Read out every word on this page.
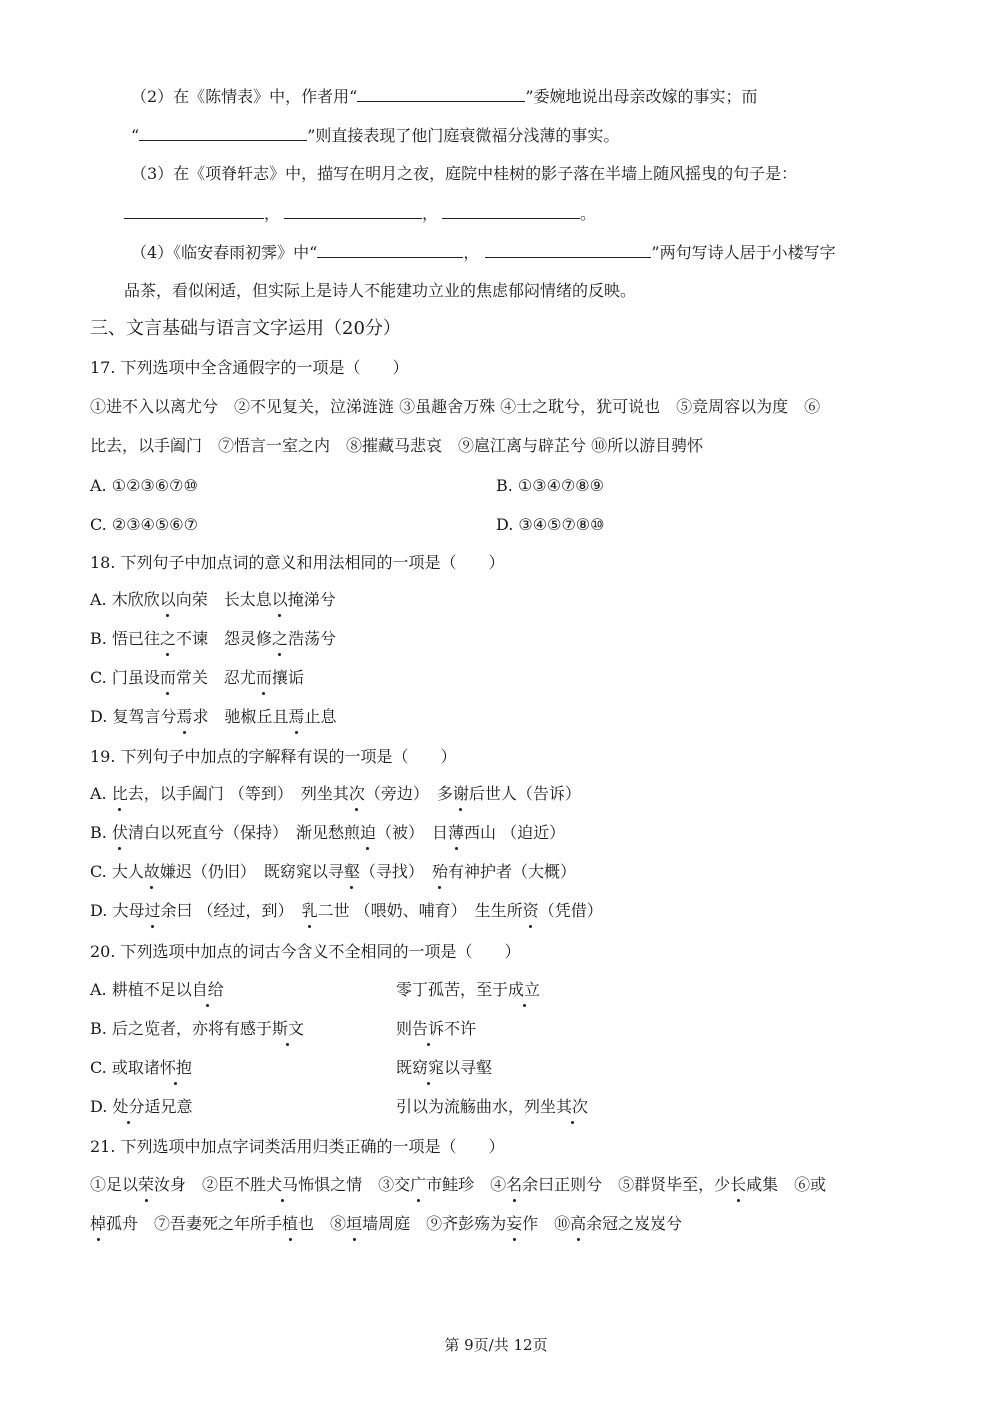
（2）在《陈情表》中，作者用“	”委婉地说出母亲改嫁的事实；而
“	”则直接表现了他门庭衰微福分浅薄的事实。
（3）在《项脊轩志》中，描写在明月之夜，庭院中桂树的影子落在半墙上随风摇曳的句子是：
，	，	。
（4）《临安春雨初霁》中“	，	”两句写诗人居于小楼写字
品茶，看似闲适，但实际上是诗人不能建功立业的焦虑郁闷情绪的反映。
三、文言基础与语言文字运用（20分）
17. 下列选项中全含通假字的一项是（　　）
①进不入以离尤兮　②不见复关，泣涕涟涟 ③虽趣舍万殊 ④士之耽兮，犹可说也　⑤竞周容以为度　⑥
比去，以手阖门　⑦悟言一室之内　⑧摧藏马悲哀　⑨扈江离与辟芷兮 ⑩所以游目骋怀
A. ①②③⑥⑦⑩	B. ①③④⑦⑧⑨
C. ②③④⑤⑥⑦	D. ③④⑤⑦⑧⑩
18. 下列句子中加点词的意义和用法相同的一项是（　　）
A. 木欣欣以向荣　长太息以掩涕兮
B. 悟已往之不谏　怨灵修之浩荡兮
C. 门虽设而常关　忍尤而攘诟
D. 复驾言兮焉求　驰椒丘且焉止息
19. 下列句子中加点的字解释有误的一项是（　　）
A. 比去，以手阖门 （等到）　列坐其次（旁边）　多谢后世人（告诉）
B. 伏清白以死直兮（保持）　渐见愁煎迫（被）　日薄西山 （迫近）
C. 大人故嫌迟（仍旧）　既窈窕以寻壑（寻找）　殆有神护者（大概）
D. 大母过余曰 （经过，到）　乳二世 （喂奶、哺育）　生生所资（凭借）
20. 下列选项中加点的词古今含义不全相同的一项是（　　）
A. 耕植不足以自给	零丁孤苦，至于成立
B. 后之览者，亦将有感于斯文	则告诉不许
C. 或取诸怀抱	既窈窕以寻壑
D. 处分适兄意	引以为流觞曲水，列坐其次
21. 下列选项中加点字词类活用归类正确的一项是（　　）
①足以荣汝身　②臣不胜犬马怖惧之情　③交广市鲑珍　④名余曰正则兮　⑤群贤毕至，少长咸集　⑥或
棹孤舟　⑦吾妻死之年所手植也　⑧垣墙周庭　⑨齐彭殇为妄作　⑩高余冠之岌岌兮
第 9页/共 12页
